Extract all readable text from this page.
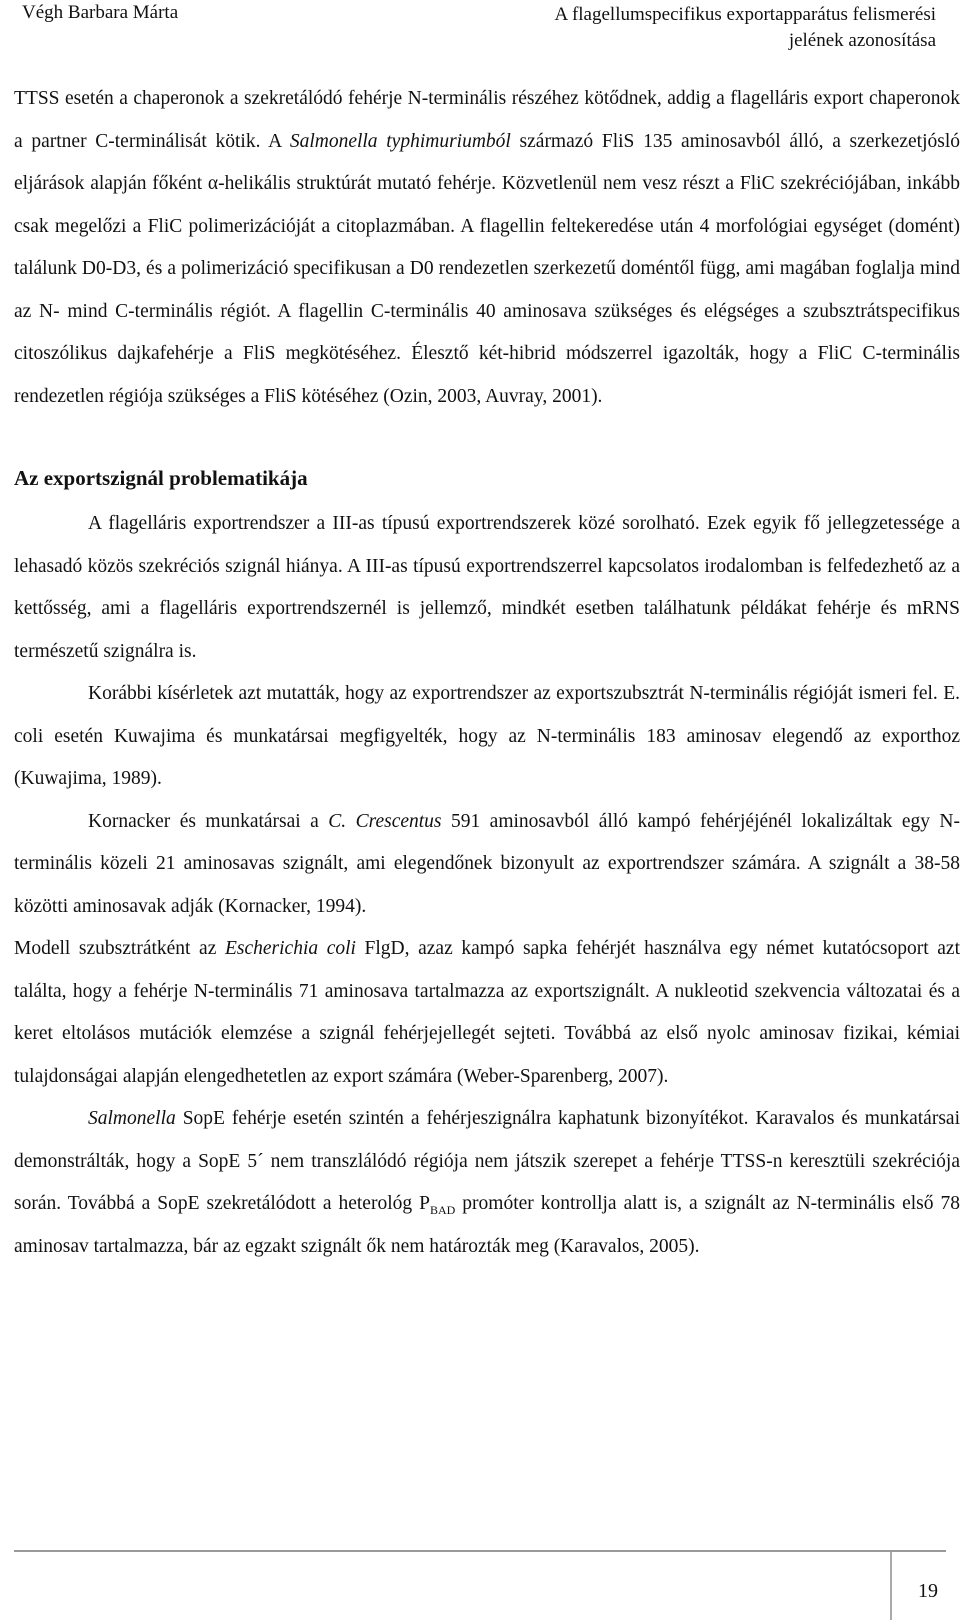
Végh Barbara Márta	A flagellumspecifikus exportapparátus felismerési jelének azonosítása

TTSS esetén a chaperonok a szekretálódó fehérje N-terminális részéhez kötődnek, addig a flagelláris export chaperonok a partner C-terminálisát kötik. A Salmonella typhimuriumból származó FliS 135 aminosavból álló, a szerkezetjósló eljárások alapján főként α-helikális struktúrát mutató fehérje. Közvetlenül nem vesz részt a FliC szekréciójában, inkább csak megelőzi a FliC polimerizációját a citoplazmában. A flagellin feltekeredése után 4 morfológiai egységet (domént) találunk D0-D3, és a polimerizáció specifikusan a D0 rendezetlen szerkezetű doméntől függ, ami magában foglalja mind az N- mind C-terminális régiót. A flagellin C-terminális 40 aminosava szükséges és elégséges a szubsztrátspecifikus citoszólikus dajkafehérje a FliS megkötéséhez. Élesztő két-hibrid módszerrel igazolták, hogy a FliC C-terminális rendezetlen régiója szükséges a FliS kötéséhez (Ozin, 2003, Auvray, 2001).

Az exportszignál problematikája

A flagelláris exportrendszer a III-as típusú exportrendszerek közé sorolható. Ezek egyik fő jellegzetessége a lehasadó közös szekréciós szignál hiánya. A III-as típusú exportrendszerrel kapcsolatos irodalomban is felfedezhető az a kettősség, ami a flagelláris exportrendszernél is jellemző, mindkét esetben találhatunk példákat fehérje és mRNS természetű szignálra is.

Korábbi kísérletek azt mutatták, hogy az exportrendszer az exportszubsztrát N-terminális régióját ismeri fel. E. coli esetén Kuwajima és munkatársai megfigyelték, hogy az N-terminális 183 aminosav elegendő az exporthoz (Kuwajima, 1989).

Kornacker és munkatársai a C. Crescentus 591 aminosavból álló kampó fehérjéjénél lokalizáltak egy N-terminális közeli 21 aminosavas szignált, ami elegendőnek bizonyult az exportrendszer számára. A szignált a 38-58 közötti aminosavak adják (Kornacker, 1994).

Modell szubsztrátként az Escherichia coli FlgD, azaz kampó sapka fehérjét használva egy német kutatócsoport azt találta, hogy a fehérje N-terminális 71 aminosava tartalmazza az exportszignált. A nukleotid szekvencia változatai és a keret eltolásos mutációk elemzése a szignál fehérjejellegét sejteti. Továbbá az első nyolc aminosav fizikai, kémiai tulajdonságai alapján elengedhetetlen az export számára (Weber-Sparenberg, 2007).

Salmonella SopE fehérje esetén szintén a fehérjeszignálra kaphatunk bizonyítékot. Karavalos és munkatársai demonstrálták, hogy a SopE 5´ nem transzlálódó régiója nem játszik szerepet a fehérje TTSS-n keresztüli szekréciója során. Továbbá a SopE szekretálódott a heterológ $P_{BAD}$ promóter kontrollja alatt is, a szignált az N-terminális első 78 aminosav tartalmazza, bár az egzakt szignált ők nem határozták meg (Karavalos, 2005).

19
